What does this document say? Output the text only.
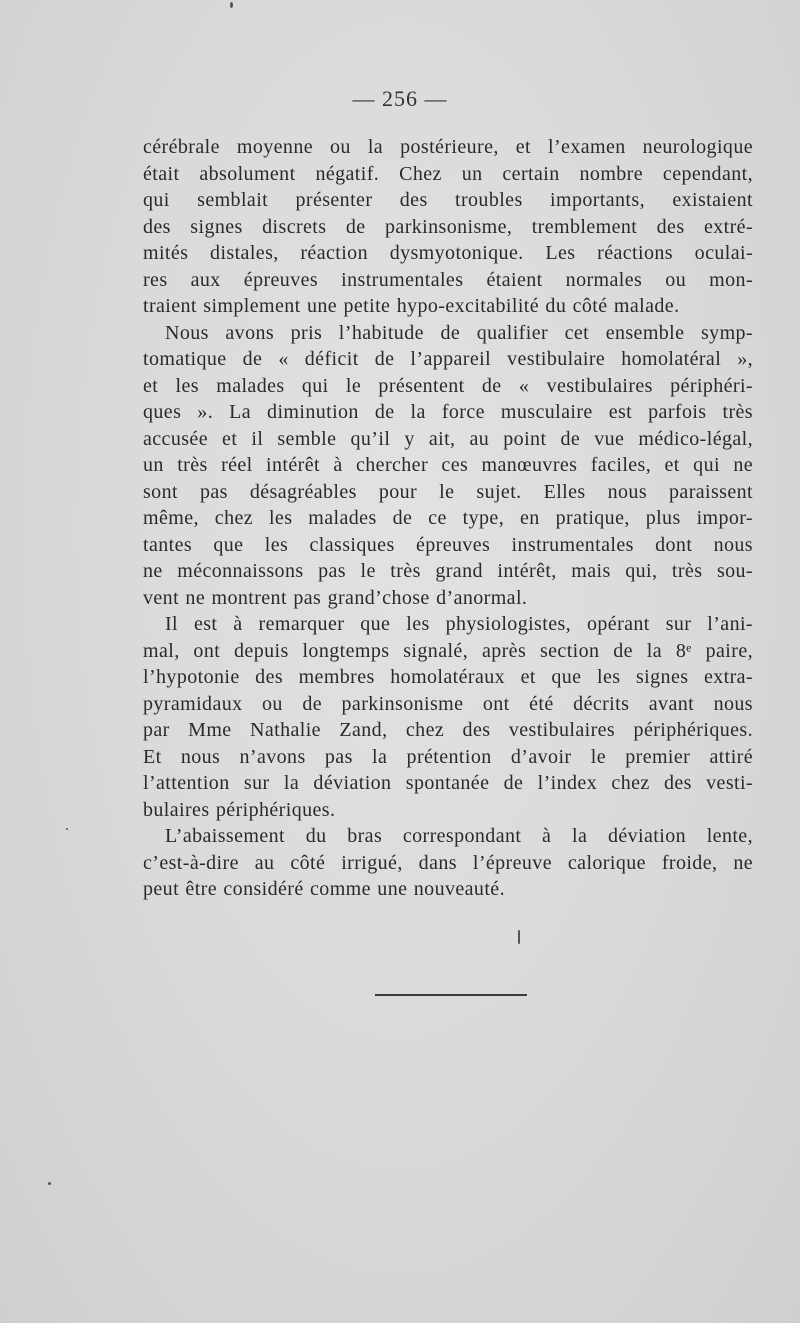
— 256 —
cérébrale moyenne ou la postérieure, et l’examen neurologique
était absolument négatif. Chez un certain nombre cependant,
qui semblait présenter des troubles importants, existaient
des signes discrets de parkinsonisme, tremblement des extré-
mités distales, réaction dysmyotonique. Les réactions oculai-
res aux épreuves instrumentales étaient normales ou mon-
traient simplement une petite hypo-excitabilité du côté malade.
Nous avons pris l’habitude de qualifier cet ensemble symp-
tomatique de « déficit de l’appareil vestibulaire homolatéral »,
et les malades qui le présentent de « vestibulaires périphéri-
ques ». La diminution de la force musculaire est parfois très
accusée et il semble qu’il y ait, au point de vue médico-légal,
un très réel intérêt à chercher ces manœuvres faciles, et qui ne
sont pas désagréables pour le sujet. Elles nous paraissent
même, chez les malades de ce type, en pratique, plus impor-
tantes que les classiques épreuves instrumentales dont nous
ne méconnaissons pas le très grand intérêt, mais qui, très sou-
vent ne montrent pas grand’chose d’anormal.
Il est à remarquer que les physiologistes, opérant sur l’ani-
mal, ont depuis longtemps signalé, après section de la 8ᵉ paire,
l’hypotonie des membres homolatéraux et que les signes extra-
pyramidaux ou de parkinsonisme ont été décrits avant nous
par Mme Nathalie Zand, chez des vestibulaires périphériques.
Et nous n’avons pas la prétention d’avoir le premier attiré
l’attention sur la déviation spontanée de l’index chez des vesti-
bulaires périphériques.
L’abaissement du bras correspondant à la déviation lente,
c’est-à-dire au côté irrigué, dans l’épreuve calorique froide, ne
peut être considéré comme une nouveauté.
